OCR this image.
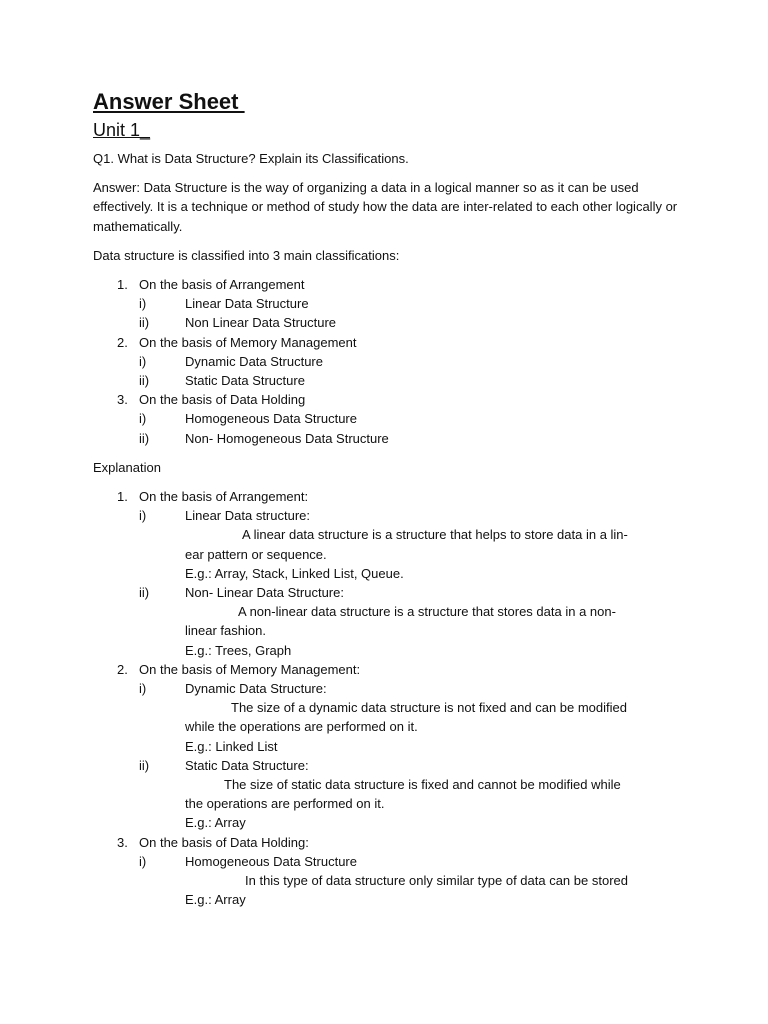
Answer Sheet
Unit 1_

Q1. What is Data Structure? Explain its Classifications.

Answer: Data Structure is the way of organizing a data in a logical manner so as it can be used effectively. It is a technique or method of study how the data are inter-related to each other logically or mathematically.

Data structure is classified into 3 main classifications:

1. On the basis of Arrangement
i)	Linear Data Structure
ii)	Non Linear Data Structure
2. On the basis of Memory Management
i)	Dynamic Data Structure
ii)	Static Data Structure
3. On the basis of Data Holding
i)	Homogeneous Data Structure
ii)	Non- Homogeneous Data Structure

Explanation

1. On the basis of Arrangement:
i)	Linear Data structure:
A linear data structure is a structure that helps to store data in a lin-
ear pattern or sequence.
E.g.: Array, Stack, Linked List, Queue.
ii)	Non- Linear Data Structure:
A non-linear data structure is a structure that stores data in a non-
linear fashion.
E.g.: Trees, Graph
2. On the basis of Memory Management:
i)	Dynamic Data Structure:
The size of a dynamic data structure is not fixed and can be modified
while the operations are performed on it.
E.g.: Linked List
ii)	Static Data Structure:
The size of static data structure is fixed and cannot be modified while
the operations are performed on it.
E.g.: Array
3. On the basis of Data Holding:
i)	Homogeneous Data Structure
In this type of data structure only similar type of data can be stored
E.g.: Array
